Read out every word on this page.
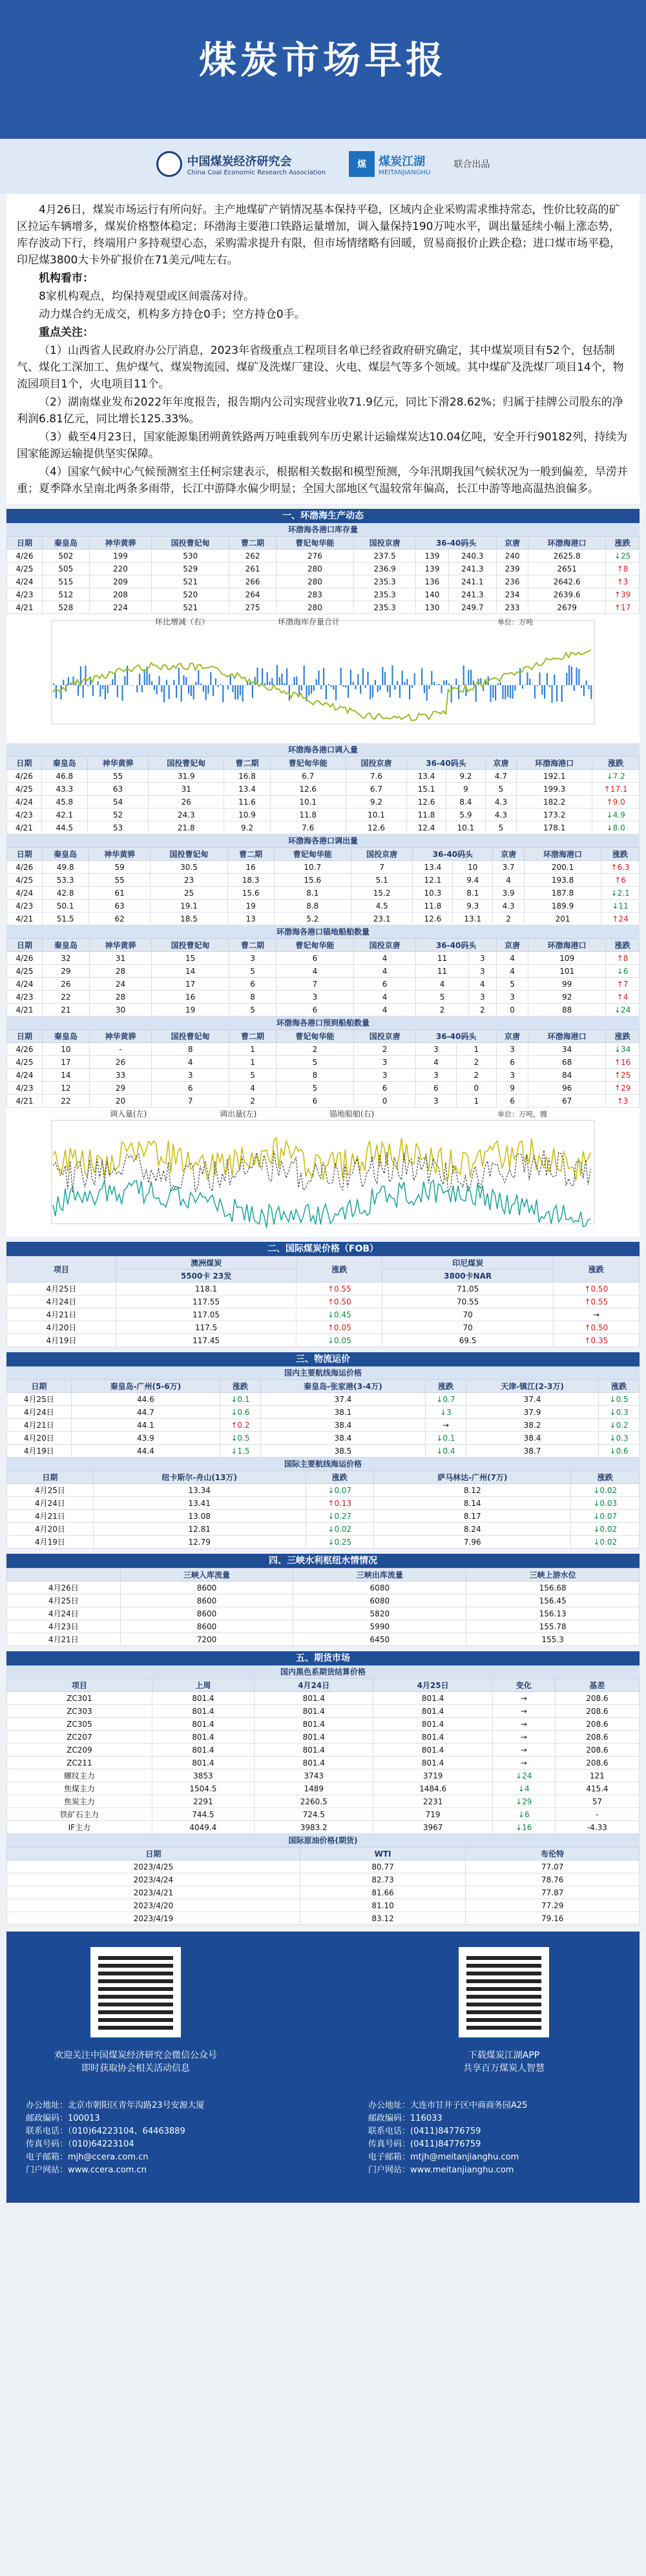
煤炭市场早报
中国煤炭经济研究会
China Coal Economic Research Association
煤	煤炭江湖
MEITANJIANGHU
联合出品

4月26日，煤炭市场运行有所向好。主产地煤矿产销情况基本保持平稳，区域内企业采购需求维持常态，性价比较高的矿区拉运车辆增多，煤炭价格整体稳定；环渤海主要港口铁路运量增加，调入量保持190万吨水平，调出量延续小幅上涨态势，库存波动下行，终端用户多持观望心态，采购需求提升有限，但市场情绪略有回暖，贸易商报价止跌企稳；进口煤市场平稳，印尼煤3800大卡外矿报价在71美元/吨左右。

机构看市：

8家机构观点，均保持观望或区间震荡对待。

动力煤合约无成交，机构多方持仓0手；空方持仓0手。

重点关注：

（1）山西省人民政府办公厅消息，2023年省级重点工程项目名单已经省政府研究确定，其中煤炭项目有52个，包括制气、煤化工深加工、焦炉煤气、煤炭物流园、煤矿及洗煤厂建设、火电、煤层气等多个领域。其中煤矿及洗煤厂项目14个，物流园项目1个，火电项目11个。

（2）湖南煤业发布2022年年度报告，报告期内公司实现营业收71.9亿元，同比下滑28.62%；归属于挂牌公司股东的净利润6.81亿元，同比增长125.33%。

（3）截至4月23日，国家能源集团朔黄铁路两万吨重载列车历史累计运输煤炭达10.04亿吨，安全开行90182列，持续为国家能源运输提供坚实保障。

（4）国家气候中心气候预测室主任柯宗建表示，根据相关数据和模型预测，今年汛期我国气候状况为一般到偏差，旱涝并重；夏季降水呈南北两条多雨带，长江中游降水偏少明显；全国大部地区气温较常年偏高，长江中游等地高温热浪偏多。

一、环渤海生产动态
环渤海各港口库存量
日期	秦皇岛	神华黄骅	国投曹妃甸	曹二期	曹妃甸华能	国投京唐	36-40码头		京唐	环渤海港口	涨跌
4/26	502	199	530	262	276	237.5	139	240.3	240	2625.8	↓25
4/25	505	220	529	261	280	236.9	139	241.3	239	2651	↑8
4/24	515	209	521	266	280	235.3	136	241.1	236	2642.6	↑3
4/23	512	208	520	264	283	235.3	140	241.3	234	2639.6	↑39
4/21	528	224	521	275	280	235.3	130	249.7	233	2679	↑17
环比增减（右）	环渤海库存量合计	单位：万吨
环渤海各港口调入量
日期	秦皇岛	神华黄骅	国投曹妃甸	曹二期	曹妃甸华能	国投京唐	36-40码头		京唐	环渤海港口	涨跌
4/26	46.8	55	31.9	16.8	6.7	7.6	13.4	9.2	4.7	192.1	↓7.2
4/25	43.3	63	31	13.4	12.6	6.7	15.1	9	5	199.3	↑17.1
4/24	45.8	54	26	11.6	10.1	9.2	12.6	8.4	4.3	182.2	↑9.0
4/23	42.1	52	24.3	10.9	11.8	10.1	11.8	5.9	4.3	173.2	↓4.9
4/21	44.5	53	21.8	9.2	7.6	12.6	12.4	10.1	5	178.1	↓8.0
环渤海各港口调出量
日期	秦皇岛	神华黄骅	国投曹妃甸	曹二期	曹妃甸华能	国投京唐	36-40码头		京唐	环渤海港口	涨跌
4/26	49.8	59	30.5	16	10.7	7	13.4	10	3.7	200.1	↑6.3
4/25	53.3	55	23	18.3	15.6	5.1	12.1	9.4	4	193.8	↑6
4/24	42.8	61	25	15.6	8.1	15.2	10.3	8.1	3.9	187.8	↓2.1
4/23	50.1	63	19.1	19	8.8	4.5	11.8	9.3	4.3	189.9	↓11
4/21	51.5	62	18.5	13	5.2	23.1	12.6	13.1	2	201	↑24
环渤海各港口锚地船舶数量
日期	秦皇岛	神华黄骅	国投曹妃甸	曹二期	曹妃甸华能	国投京唐	36-40码头		京唐	环渤海港口	涨跌
4/26	32	31	15	3	6	4	11	3	4	109	↑8
4/25	29	28	14	5	4	4	11	3	4	101	↓6
4/24	26	24	17	6	7	6	4	4	5	99	↑7
4/23	22	28	16	8	3	4	5	3	3	92	↑4
4/21	21	30	19	5	6	4	2	2	0	88	↓24
环渤海各港口预到船舶数量
日期	秦皇岛	神华黄骅	国投曹妃甸	曹二期	曹妃甸华能	国投京唐	36-40码头		京唐	环渤海港口	涨跌
4/26	10	-	8	1	2	2	3	1	3	34	↓34
4/25	17	26	4	1	5	3	4	2	6	68	↑16
4/24	14	33	3	5	8	3	3	2	3	84	↑25
4/23	12	29	6	4	5	6	6	0	9	96	↑29
4/21	22	20	7	2	6	0	3	1	6	67	↑3
调入量(左)	调出量(左)	锚地船舶(右)	单位：万吨，艘
二、国际煤炭价格（FOB）
项目	澳洲煤炭	涨跌	印尼煤炭	涨跌
	5500卡 23发		3800卡NAR	
4月25日	118.1	↑0.55	71.05	↑0.50
4月24日	117.55	↑0.50	70.55	↑0.55
4月21日	117.05	↓0.45	70	→
4月20日	117.5	↑0.05	70	↑0.50
4月19日	117.45	↓0.05	69.5	↑0.35
三、物流运价
国内主要航线海运价格
日期	秦皇岛-广州(5-6万)	涨跌	秦皇岛-张家港(3-4万)	涨跌	天津-镇江(2-3万)	涨跌
4月25日	44.6	↓0.1	37.4	↓0.7	37.4	↓0.5
4月24日	44.7	↓0.6	38.1	↓3	37.9	↓0.3
4月21日	44.1	↑0.2	38.4	→	38.2	↓0.2
4月20日	43.9	↓0.5	38.4	↓0.1	38.4	↓0.3
4月19日	44.4	↓1.5	38.5	↓0.4	38.7	↓0.6
国际主要航线海运价格
日期	纽卡斯尔-舟山(13万)	涨跌	萨马林达-广州(7万)	涨跌
4月25日	13.34	↓0.07	8.12	↓0.02
4月24日	13.41	↑0.13	8.14	↓0.03
4月21日	13.08	↓0.27	8.17	↓0.07
4月20日	12.81	↓0.02	8.24	↓0.02
4月19日	12.79	↓0.25	7.96	↓0.02
四、三峡水利枢纽水情情况
	三峡入库流量	三峡出库流量	三峡上游水位
4月26日	8600	6080	156.68
4月25日	8600	6080	156.45
4月24日	8600	5820	156.13
4月23日	8600	5990	155.78
4月21日	7200	6450	155.3
五、期货市场
国内黑色系期货结算价格
项目	上周	4月24日	4月25日	变化	基差
ZC301	801.4	801.4	801.4	→	208.6
ZC303	801.4	801.4	801.4	→	208.6
ZC305	801.4	801.4	801.4	→	208.6
ZC207	801.4	801.4	801.4	→	208.6
ZC209	801.4	801.4	801.4	→	208.6
ZC211	801.4	801.4	801.4	→	208.6
螺纹主力	3853	3743	3719	↓24	121
焦煤主力	1504.5	1489	1484.6	↓4	415.4
焦炭主力	2291	2260.5	2231	↓29	57
铁矿石主力	744.5	724.5	719	↓6	-
IF主力	4049.4	3983.2	3967	↓16	-4.33
国际原油价格(期货)
日期	WTI	布伦特
2023/4/25	80.77	77.07
2023/4/24	82.73	78.76
2023/4/21	81.66	77.87
2023/4/20	81.10	77.29
2023/4/19	83.12	79.16
欢迎关注中国煤炭经济研究会微信公众号
即时获取协会相关活动信息
下载煤炭江湖APP
共享百万煤炭人智慧
办公地址：北京市朝阳区青年沟路23号安源大厦
邮政编码：100013
联系电话：（010)64223104、64463889
传真号码：（010)64223104
电子邮箱：mjh@ccera.com.cn
门户网站：www.ccera.com.cn
办公地址：大连市甘井子区中商商务园A25
邮政编码：116033
联系电话：(0411)84776759
传真号码：(0411)84776759
电子邮箱：mtjh@meitanjianghu.com
门户网站：www.meitanjianghu.com
